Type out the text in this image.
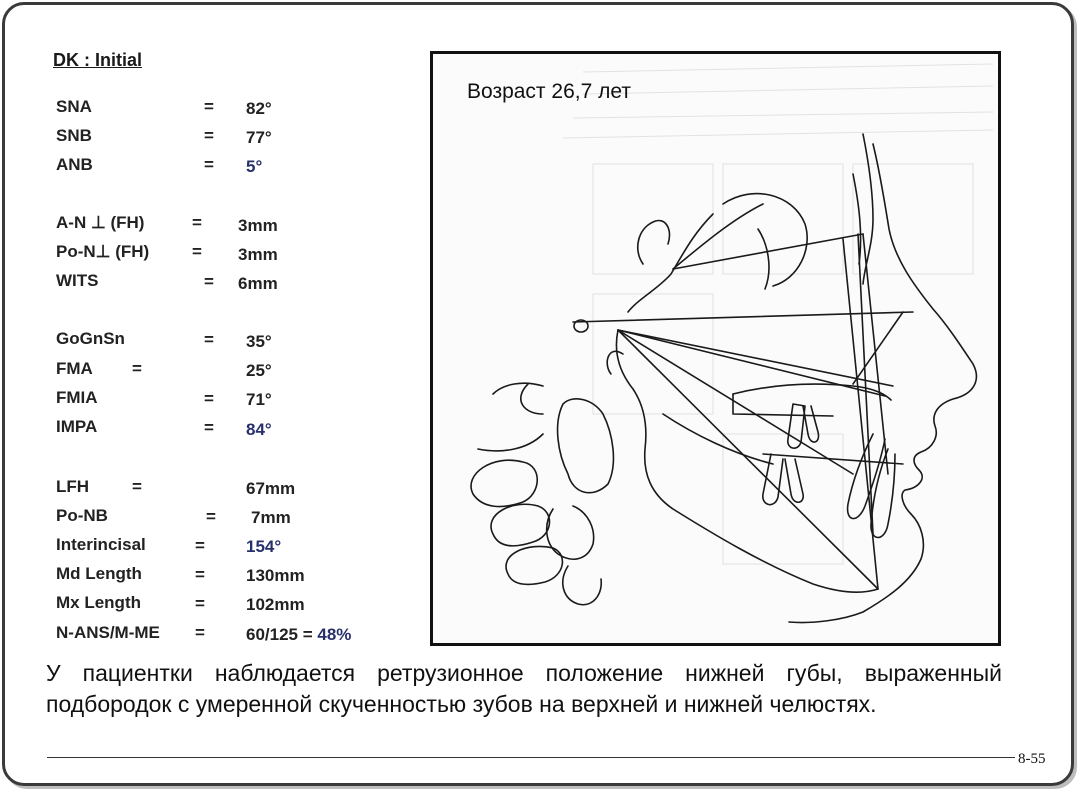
DK : Initial
SNA	= 82°
SNB	= 77°
ANB	= 5°
A-N ⊥ (FH)	= 3mm
Po-N⊥ (FH)	= 3mm
WITS	= 6mm
GoGnSn	= 35°
FMA =	25°
FMIA	= 71°
IMPA	= 84°
LFH	=	67mm
Po-NB	= 7mm
Interincisal	= 154°
Md Length	= 130mm
Mx Length	= 102mm
N-ANS/M-ME = 60/125 = 48%
Возраст 26,7 лет
У пациентки наблюдается ретрузионное положение нижней губы, выраженный подбородок с умеренной скученностью зубов на верхней и нижней челюстях.
8-55
